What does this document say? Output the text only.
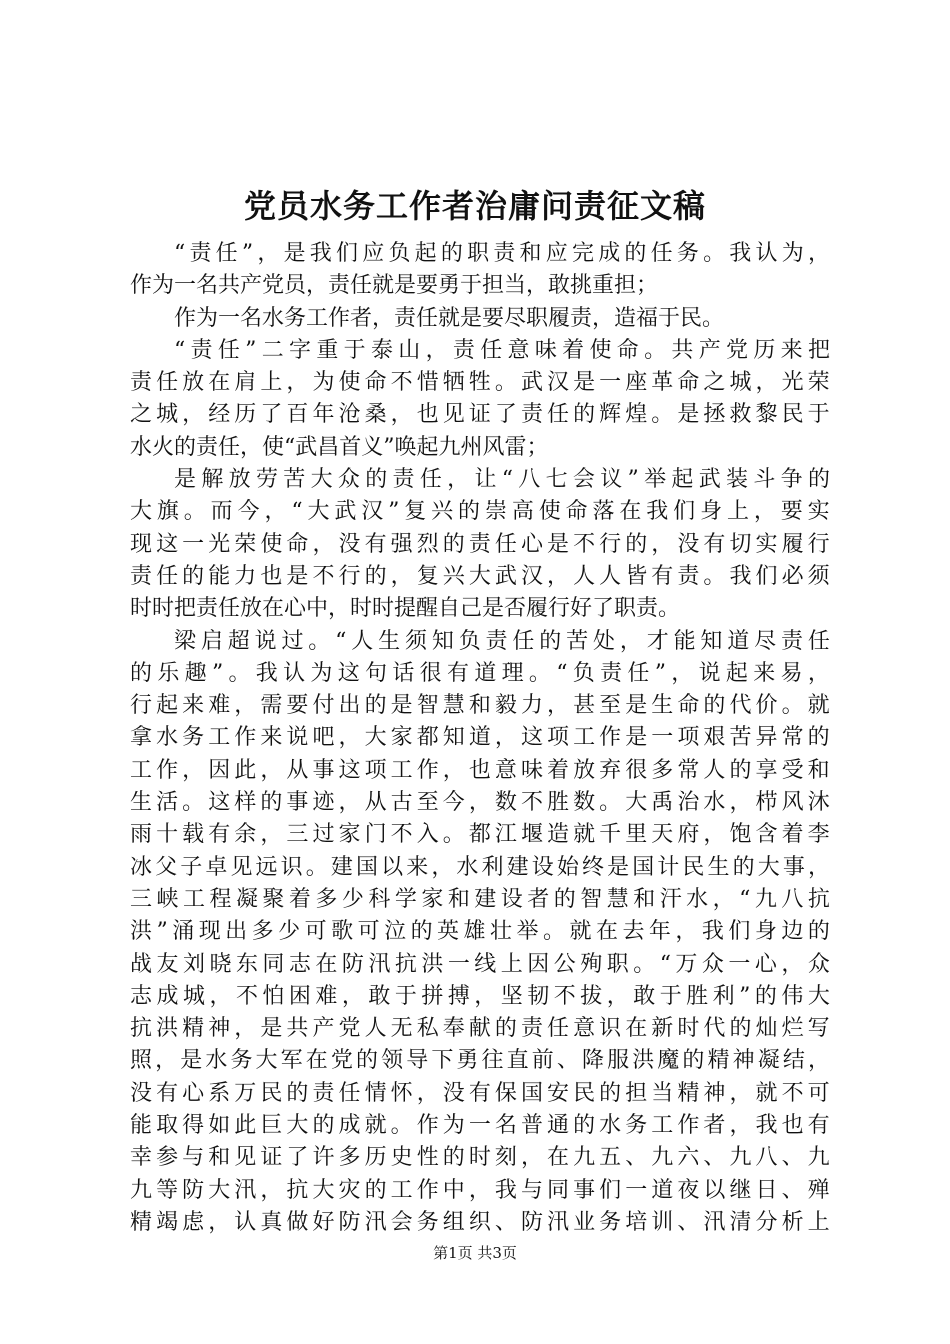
党员水务工作者治庸问责征文稿
“ 责 任 ” ， 是 我 们 应 负 起 的 职 责 和 应 完 成 的 任 务 。 我 认 为 ，
作为一名共产党员，责任就是要勇于担当，敢挑重担；
作为一名水务工作者，责任就是要尽职履责，造福于民。
“ 责 任 ” 二 字 重 于 泰 山 ， 责 任 意 味 着 使 命 。 共 产 党 历 来 把
责 任 放 在 肩 上 ， 为 使 命 不 惜 牺 牲 。 武 汉 是 一 座 革 命 之 城 ， 光 荣
之 城 ， 经 历 了 百 年 沧 桑 ， 也 见 证 了 责 任 的 辉 煌 。 是 拯 救 黎 民 于
水火的责任，使“武昌首义”唤起九州风雷；
是 解 放 劳 苦 大 众 的 责 任 ， 让 “ 八 七 会 议 ” 举 起 武 装 斗 争 的
大 旗 。 而 今 ， “ 大 武 汉 ” 复 兴 的 崇 高 使 命 落 在 我 们 身 上 ， 要 实
现 这 一 光 荣 使 命 ， 没 有 强 烈 的 责 任 心 是 不 行 的 ， 没 有 切 实 履 行
责 任 的 能 力 也 是 不 行 的 ， 复 兴 大 武 汉 ， 人 人 皆 有 责 。 我 们 必 须
时时把责任放在心中，时时提醒自己是否履行好了职责。
梁 启 超 说 过 。 “ 人 生 须 知 负 责 任 的 苦 处 ， 才 能 知 道 尽 责 任
的 乐 趣 ” 。 我 认 为 这 句 话 很 有 道 理 。 “ 负 责 任 ” ， 说 起 来 易 ，
行 起 来 难 ， 需 要 付 出 的 是 智 慧 和 毅 力 ， 甚 至 是 生 命 的 代 价 。 就
拿 水 务 工 作 来 说 吧 ， 大 家 都 知 道 ， 这 项 工 作 是 一 项 艰 苦 异 常 的
工 作 ， 因 此 ， 从 事 这 项 工 作 ， 也 意 味 着 放 弃 很 多 常 人 的 享 受 和
生 活 。 这 样 的 事 迹 ， 从 古 至 今 ， 数 不 胜 数 。 大 禹 治 水 ， 栉 风 沐
雨 十 载 有 余 ， 三 过 家 门 不 入 。 都 江 堰 造 就 千 里 天 府 ， 饱 含 着 李
冰 父 子 卓 见 远 识 。 建 国 以 来 ， 水 利 建 设 始 终 是 国 计 民 生 的 大 事 ，
三 峡 工 程 凝 聚 着 多 少 科 学 家 和 建 设 者 的 智 慧 和 汗 水 ， “ 九 八 抗
洪 ” 涌 现 出 多 少 可 歌 可 泣 的 英 雄 壮 举 。 就 在 去 年 ， 我 们 身 边 的
战 友 刘 晓 东 同 志 在 防 汛 抗 洪 一 线 上 因 公 殉 职 。 “ 万 众 一 心 ， 众
志 成 城 ， 不 怕 困 难 ， 敢 于 拼 搏 ， 坚 韧 不 拔 ， 敢 于 胜 利 ” 的 伟 大
抗 洪 精 神 ， 是 共 产 党 人 无 私 奉 献 的 责 任 意 识 在 新 时 代 的 灿 烂 写
照 ， 是 水 务 大 军 在 党 的 领 导 下 勇 往 直 前 、 降 服 洪 魔 的 精 神 凝 结 ，
没 有 心 系 万 民 的 责 任 情 怀 ， 没 有 保 国 安 民 的 担 当 精 神 ， 就 不 可
能 取 得 如 此 巨 大 的 成 就 。 作 为 一 名 普 通 的 水 务 工 作 者 ， 我 也 有
幸 参 与 和 见 证 了 许 多 历 史 性 的 时 刻 ， 在 九 五 、 九 六 、 九 八 、 九
九 等 防 大 汛 ， 抗 大 灾 的 工 作 中 ， 我 与 同 事 们 一 道 夜 以 继 日 、 殚
精 竭 虑 ， 认 真 做 好 防 汛 会 务 组 织 、 防 汛 业 务 培 训 、 汛 清 分 析 上
第1页 共3页
